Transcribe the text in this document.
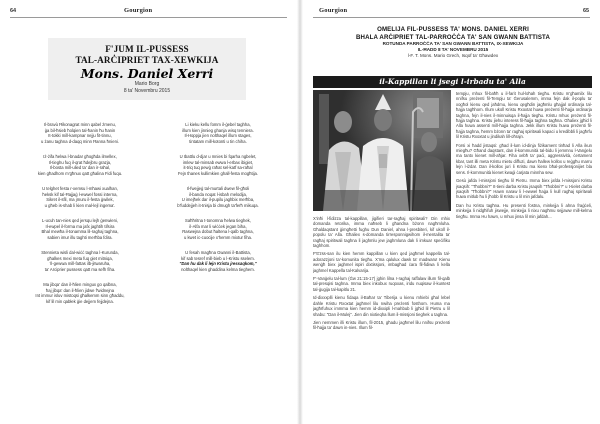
64	Gourgion
F'JUM IL-PUSSESS
TAL-ARĊIPRIET TAX-XEWKIJA
Mons. Daniel Xerri
Mario Borg
8 ta' Novembru 2015
Il-bravù Ħikonagrat minn qabel żmenu,
ġa bil-ħsieb ħolqien tal-ħanin ħu ħanin
It-tokki mill-kampnar nejju fit-tinnu,
u żanu taghna d-daqq minn Ħanna ħnieni.
Iż-żifa ħelwa l-bnadar għogħda ilmellex,
Il-tieghu fuq il-qrat ħdejbru grazja,
Il-bosta mill-ulied ta' dan ir-raħal,
kien għadhom m'għnux qatt għalina Fidi fuqu.
U telghet festa r-xemsu l-mħawi xualhan,
ħeksk kif tal-Ħajjaġ l-ewwel fossi interna,
Sikret il-sfil, ma jmuru il-festa ġwilek,
u għeb is-shab li kien mal-lejl ingema'.
L-ucuh tan-nies qed jersqu lejh ġenwieni,
Il-ewpel il-forma ma jafx jaghtih tifsira
Bhal mewħa il-tonamma lil-raghaj taghna,
sabien imur illu taghti merħba fdira.
Stennieta wisli dal-wiċċ taghna l-Kurunda,
għalkes mexi meta fuq giet mitniqa,
'il-gewwa mill-fattas ilb-jitwaruha,
ta' Arciprier pussess qatt ma sefh fiha.
Ma jibqa' dan il-ħlien mingux go qalbna,
ħaj jibqa' dan il-ħlien jidwe f'widnejna
Int immur isluv mistoqsi għalkemm sinn għaddu,
kif lil min qabłek ġie dejjem fejjdejna.
Li kieku kellu fomm il-ġebel taghha,
illum kien jinnieg ghanja wisq tenniera.
Il-Hoppja jien nolthaqel illum stages,
tintatam mill-kotonti u tin chiha.
U Ibattlu d-djar u mnies bi fqarha ngbelet,
imlew tal-minsab ewwa l-erbax ibigiet,
it-triq tuq pewġ raħat sel-katf sa-raħal
Fejn thanes kullimkien ghall-festa mogħtija.
Il-fwejjeġ tal-murtali dwew fil-għoli
il-banda noqat l-isbah melodija,
U imejħek dar il-pupilu jaghbix merħba,
b'fuddejjeh it-tnisja bi dmugh ta'ferħ mikuqa.
Saħħritna t-tonomna ħelwa tieghek,
il-Alfa mar li wiċċek jegan biha,
Raswejna dobut ħaltena l-qalb taghna,
u kwet ic-cuocije x'hemm mixtur fiha.
U fesah magħna Gwanni il-Battista,
kif sab tesref mill-bieb u l-Kristu sselem.
"Dan hu dak li lejn Kristu jressaqkom,"
nolthaqel kien ghaddina kelma tieghem.
Gourgion	65
OMELIJA FIL-PUSSESS TA' MONS. DANIEL XERRI
BHALA ARĊIPRIET TAL-PARROĊĊA TA' SAN GWANN BATTISTA
ROTUNDA PARROĊĊA TA' SAN GWANN BATTISTA, IX-XEWKIJA
IL-ĦADD 8 TA' NOVEMBRU 2015
l-F. T. Mons. Mario Grech, Isqof ta' Għawdex
il-Kappillan li jsegi l-irbadu ta' Alla

X'inħi l-fidizza tal-kappillan, jigifieri tar-ragħaj spiritwali? Din mhix domanda retorika, imma naħseb li għandna bżonn nagħmluha. Għaldaqstant ġimgħetti fughu Dun Daniel, ahna l-presbiteri, kif ukoll il-popolu ta' Alla. Għaliex s-domanda tirresponnigwihom il-mentalita ta' ragħaj spiritwali taghna li jaghmlu jew jaghmluna dak li imkuar speċifiku taghhom.

F'tt'zss-san ilu kien hemm kappillan u kien qed jagħmel kappella tal-adorazzjoni ta'-komunita tiegħu. X'ma qalulux dawk ta' madwaru! Kienu wenġħ biex jaghmel ispiri dixtissjoni, imbagħad ċara fil-fidiwa li kella jaghmel Kappella tal-Kalvarija.

F'-Vanġelu tal-lum (Ġw 21:15-17) jghin lilna r-raghaj raffalaw illum fil-qalb tal-presqisi taghna. Imma biex inkobux ruqoxas, iridu nuqisaw il-kuntest tal-ġugija tal-kapitlu 21.

Id-dixxxplli kienu fidaqa il-Baħar ta' Tiberija u kienu mhiebi għal lebel dahle Kristu Rxoxtat jagħmel lilu nwiha preżenti fosthom. Huma ma jagħrfuhux immma kien hemm id-dixxipli l-mahbub li jgħid lil Pietru u lil shabu: "Dan il-Mulej". Jien din nixtieqha llum il-missjoni tieghek u taghna.

Jien nemmen illi Kristu illum, fil-2015, għadu jagħmel lilu nnifsu preżenti fil-ħajja ta' dawn in-nies. Illum fil-

tempju, mhux fil-baħħ u il-farit hul-loħah tiegħu. Kristu m'għamilx lilu nnifsu preżenti fil-Tempju ta' Ġerusalemm, imma fejn dak il-poplu ta' xogħol kienu qed jaħdmu, kienu qegħdin jagħmlu għajjal ordinarja tal-ħajja tagħhom. Illum ukoll Kristu Rxoxtat huwa preżenti fil-ħajja ordinarja taghna, fejn il-nies il-minnuisqa il-ħajja tiegħu. Kristu mhux preżenti fil-ħajja taghna. Kristu jiehu interess fil-ħajja taghna tagħna. Għaliex jgħid li Alla huwa assenti mill-ħajja taghna. Jekk illum Kristu huwa preżenti fil-ħajja taghna, ħemm bżonn ta' ragħaj spiritwali kapaci u kredibbli li jagħrfu lil Kristu Rxoxtat u jindikah lill-oħrajn.

Forsi xi ħadd jistaqsi: għad il-lum id-dinja fiżikament tinħad li Alla ikun miegħu? Għand daqstant, dan il-kommunità tal-bidu li jemmnu l-Vanġelu ma tantx kienet mill-aħjar. Fiha xebħ ta' paċi, aggressività, ċertament kbar, tant illi meta Kristu mietu diffuzi, dawn ħallew kollox u reġgħu marru lejn l-iżdar. Dan il-kollox juri li Kristu ma kienx bħal-professjonijiet bla sens. Il-kommunità kienet kwaġi ċarjata minnha sew.

Gesù jafda l-missjoni tiegħu lil Pietru. Imma biex jafda l-missjoni Kristu jsaqsih: "Tħobbni?" It-tieni darba Kristu jsaqsih "Tħobbni?" u t-tielet darba jsaqsih "Tħobbni?" Hawn naraw li l-ewwel ħaġa li kull ragħaj spiritwali huwa mitlub ħu li jħobb lil Kristu u lil min jafdalu.

Dan hu Kristu tagħna. Hu presenti fostna, minkejja li ahna fraġċeli, minkejja li nidgħifuh jiswejje, minkejja li nixu nagħmu sejjaww mill-kelma tiegħu. Imma Hu hawn, u mhux jinsa lil min jafdah...
